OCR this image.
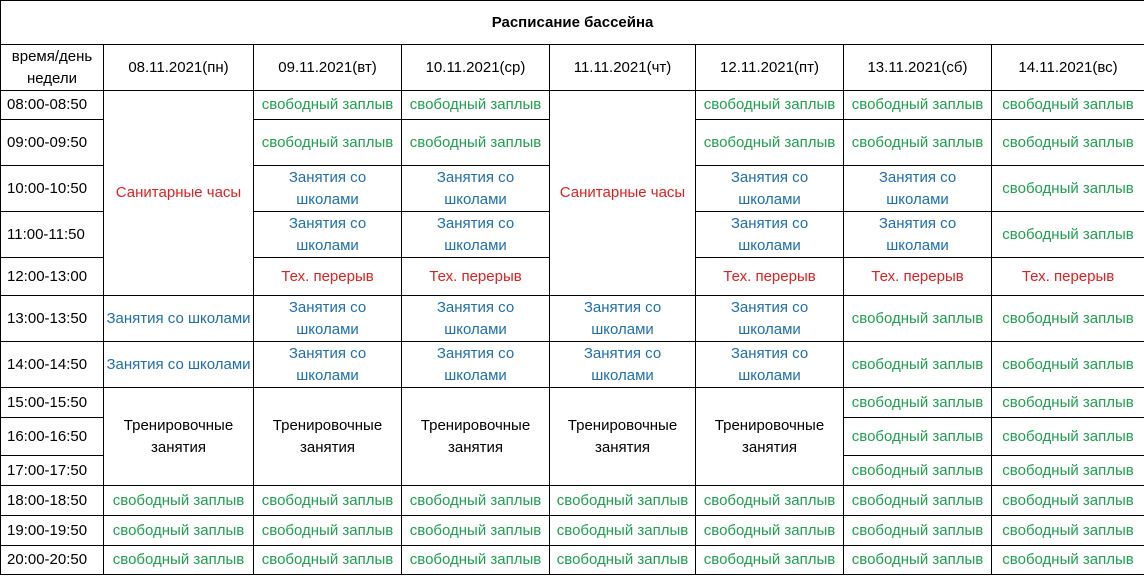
Расписание бассейна							
время/день недели	08.11.2021(пн)	09.11.2021(вт)	10.11.2021(ср)	11.11.2021(чт)	12.11.2021(пт)	13.11.2021(сб)	14.11.2021(вс)
08:00-08:50	Санитарные часы	свободный заплыв	свободный заплыв	Санитарные часы	свободный заплыв	свободный заплыв	свободный заплыв
09:00-09:50		свободный заплыв	свободный заплыв		свободный заплыв	свободный заплыв	свободный заплыв
10:00-10:50		Занятия со школами	Занятия со школами		Занятия со школами	Занятия со школами	свободный заплыв
11:00-11:50		Занятия со школами	Занятия со школами		Занятия со школами	Занятия со школами	свободный заплыв
12:00-13:00		Тех. перерыв	Тех. перерыв		Тех. перерыв	Тех. перерыв	Тех. перерыв
13:00-13:50	Занятия со школами	Занятия со школами	Занятия со школами	Занятия со школами	Занятия со школами	свободный заплыв	свободный заплыв
14:00-14:50	Занятия со школами	Занятия со школами	Занятия со школами	Занятия со школами	Занятия со школами	свободный заплыв	свободный заплыв
15:00-15:50	Тренировочные занятия	Тренировочные занятия	Тренировочные занятия	Тренировочные занятия	Тренировочные занятия	свободный заплыв	свободный заплыв
16:00-16:50						свободный заплыв	свободный заплыв
17:00-17:50						свободный заплыв	свободный заплыв
18:00-18:50	свободный заплыв	свободный заплыв	свободный заплыв	свободный заплыв	свободный заплыв	свободный заплыв	свободный заплыв
19:00-19:50	свободный заплыв	свободный заплыв	свободный заплыв	свободный заплыв	свободный заплыв	свободный заплыв	свободный заплыв
20:00-20:50	свободный заплыв	свободный заплыв	свободный заплыв	свободный заплыв	свободный заплыв	свободный заплыв	свободный заплыв
